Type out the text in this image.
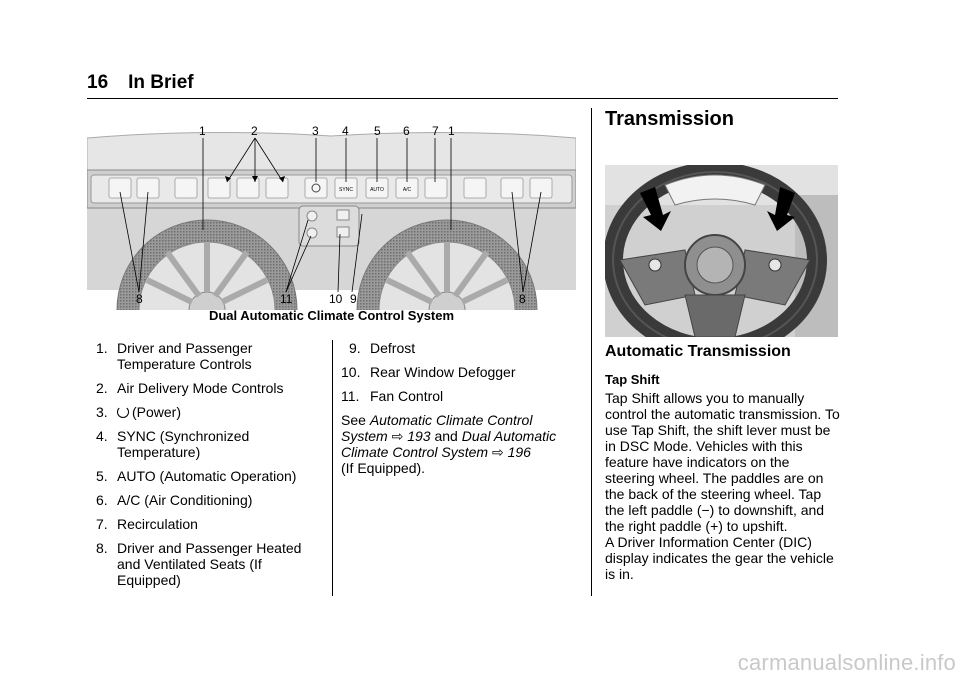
16 In Brief
SYNC	AUTO	A/C
1	2	3 4 5 6 7 1
8	11	10 9	8
Dual Automatic Climate Control System
1. Driver and Passenger Temperature Controls
2. Air Delivery Mode Controls
3.	(Power)
4. SYNC (Synchronized Temperature)
5. AUTO (Automatic Operation)
6. A/C (Air Conditioning)
7. Recirculation
8. Driver and Passenger Heated and Ventilated Seats (If Equipped)
9. Defrost
10. Rear Window Defogger
11. Fan Control
See Automatic Climate Control System ⇨ 193 and Dual Automatic Climate Control System ⇨ 196
(If Equipped).
Transmission
Automatic Transmission
Tap Shift

Tap Shift allows you to manually control the automatic transmission. To use Tap Shift, the shift lever must be in DSC Mode. Vehicles with this feature have indicators on the steering wheel. The paddles are on the back of the steering wheel. Tap the left paddle (−) to downshift, and the right paddle (+) to upshift.

A Driver Information Center (DIC) display indicates the gear the vehicle is in.

carmanualsonline.info
